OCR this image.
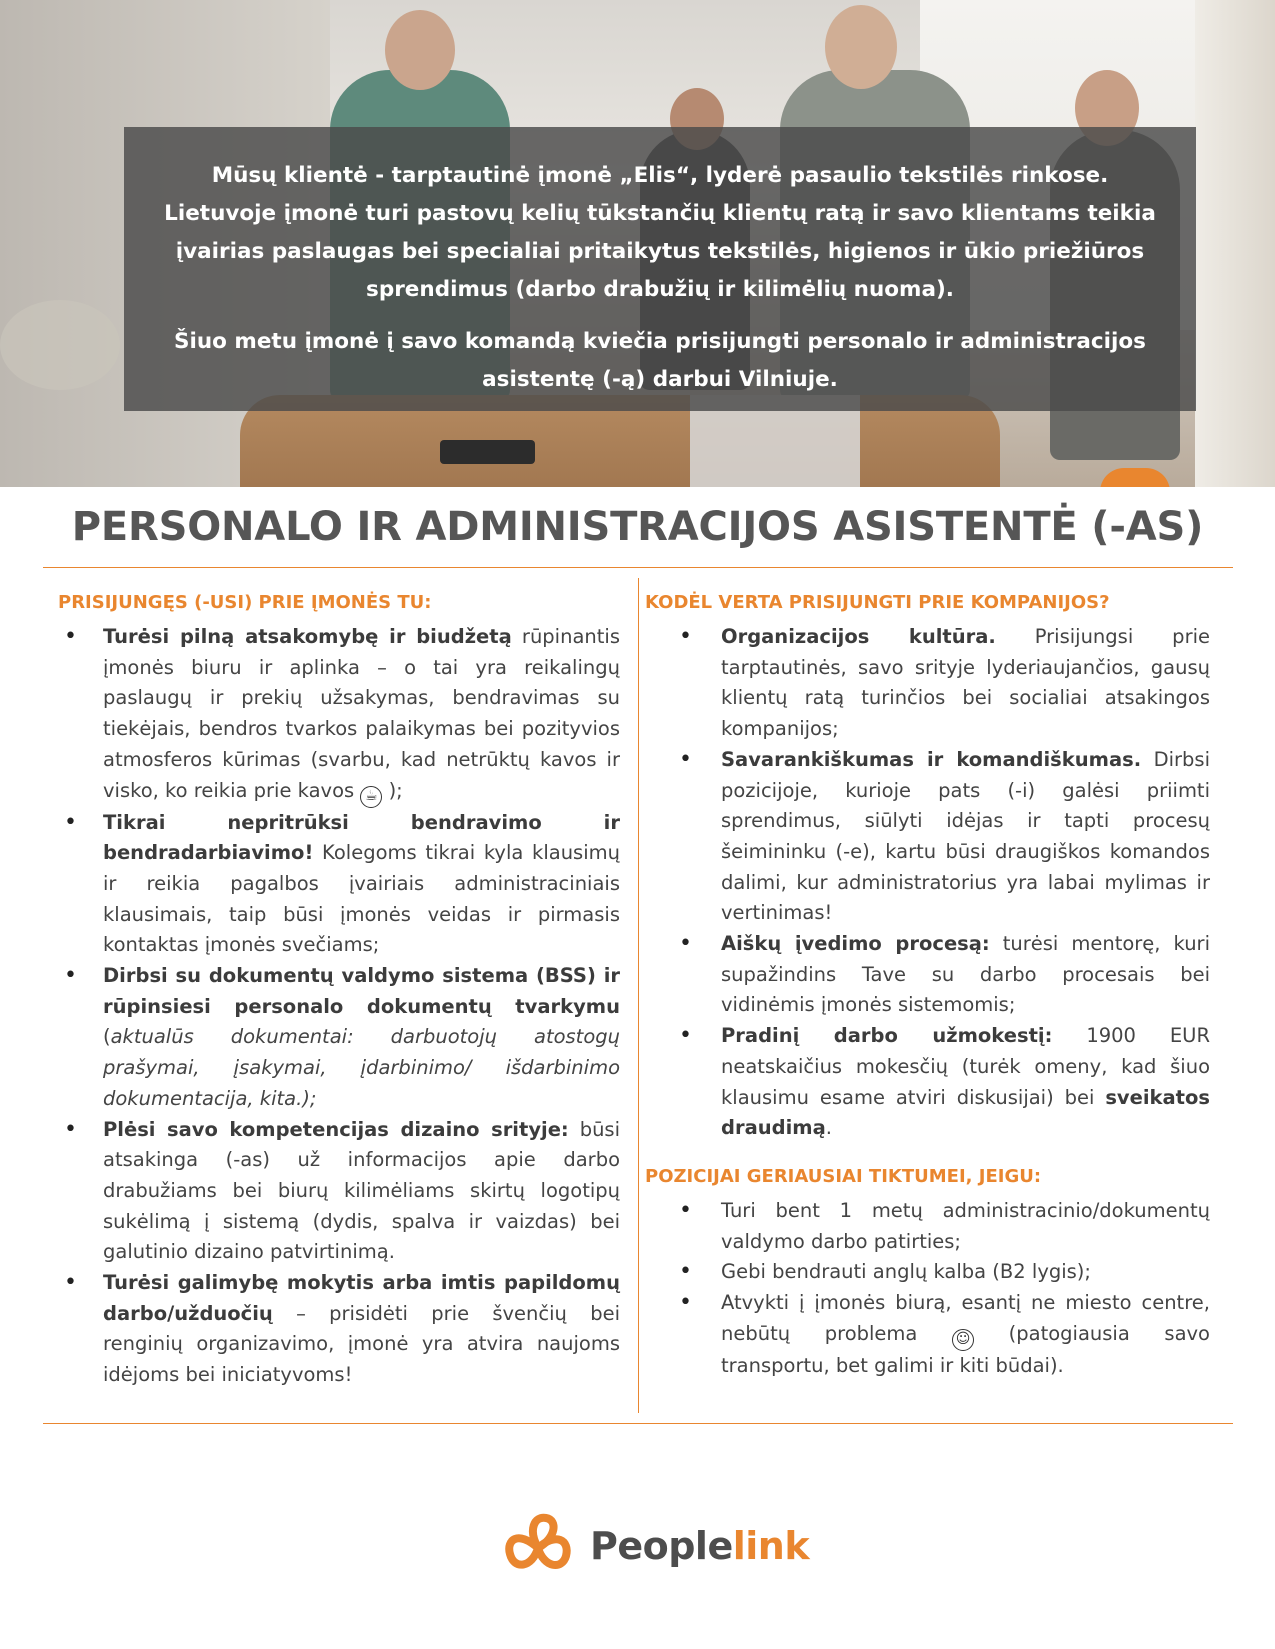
Mūsų klientė - tarptautinė įmonė „Elis“, lyderė pasaulio tekstilės rinkose. Lietuvoje įmonė turi pastovų kelių tūkstančių klientų ratą ir savo klientams teikia įvairias paslaugas bei specialiai pritaikytus tekstilės, higienos ir ūkio priežiūros sprendimus (darbo drabužių ir kilimėlių nuoma).

Šiuo metu įmonė į savo komandą kviečia prisijungti personalo ir administracijos asistentę (-ą) darbui Vilniuje.

PERSONALO IR ADMINISTRACIJOS ASISTENTĖ (-AS)
PRISIJUNGĘS (-USI) PRIE ĮMONĖS TU:
• Turėsi pilną atsakomybę ir biudžetą rūpinantis įmonės biuru ir aplinka – o tai yra reikalingų paslaugų ir prekių užsakymas, bendravimas su tiekėjais, bendros tvarkos palaikymas bei pozityvios atmosferos kūrimas (svarbu, kad netrūktų kavos ir visko, ko reikia prie kavos ☕ );
• Tikrai nepritrūksi bendravimo ir bendradarbiavimo! Kolegoms tikrai kyla klausimų ir reikia pagalbos įvairiais administraciniais klausimais, taip būsi įmonės veidas ir pirmasis kontaktas įmonės svečiams;
• Dirbsi su dokumentų valdymo sistema (BSS) ir rūpinsiesi personalo dokumentų tvarkymu (aktualūs dokumentai: darbuotojų atostogų prašymai, įsakymai, įdarbinimo/ išdarbinimo dokumentacija, kita.);
• Plėsi savo kompetencijas dizaino srityje: būsi atsakinga (-as) už informacijos apie darbo drabužiams bei biurų kilimėliams skirtų logotipų sukėlimą į sistemą (dydis, spalva ir vaizdas) bei galutinio dizaino patvirtinimą.
• Turėsi galimybę mokytis arba imtis papildomų darbo/užduočių – prisidėti prie švenčių bei renginių organizavimo, įmonė yra atvira naujoms idėjoms bei iniciatyvoms!
KODĖL VERTA PRISIJUNGTI PRIE KOMPANIJOS?
• Organizacijos kultūra. Prisijungsi prie tarptautinės, savo srityje lyderiaujančios, gausų klientų ratą turinčios bei socialiai atsakingos kompanijos;
• Savarankiškumas ir komandiškumas. Dirbsi pozicijoje, kurioje pats (-i) galėsi priimti sprendimus, siūlyti idėjas ir tapti procesų šeimininku (-e), kartu būsi draugiškos komandos dalimi, kur administratorius yra labai mylimas ir vertinimas!
• Aiškų įvedimo procesą: turėsi mentorę, kuri supažindins Tave su darbo procesais bei vidinėmis įmonės sistemomis;
• Pradinį darbo užmokestį: 1900 EUR neatskaičius mokesčių (turėk omeny, kad šiuo klausimu esame atviri diskusijai) bei sveikatos draudimą.
POZICIJAI GERIAUSIAI TIKTUMEI, JEIGU:
• Turi bent 1 metų administracinio/dokumentų valdymo darbo patirties;
• Gebi bendrauti anglų kalba (B2 lygis);
• Atvykti į įmonės biurą, esantį ne miesto centre, nebūtų problema ☺ (patogiausia savo transportu, bet galimi ir kiti būdai).
Peoplelink
